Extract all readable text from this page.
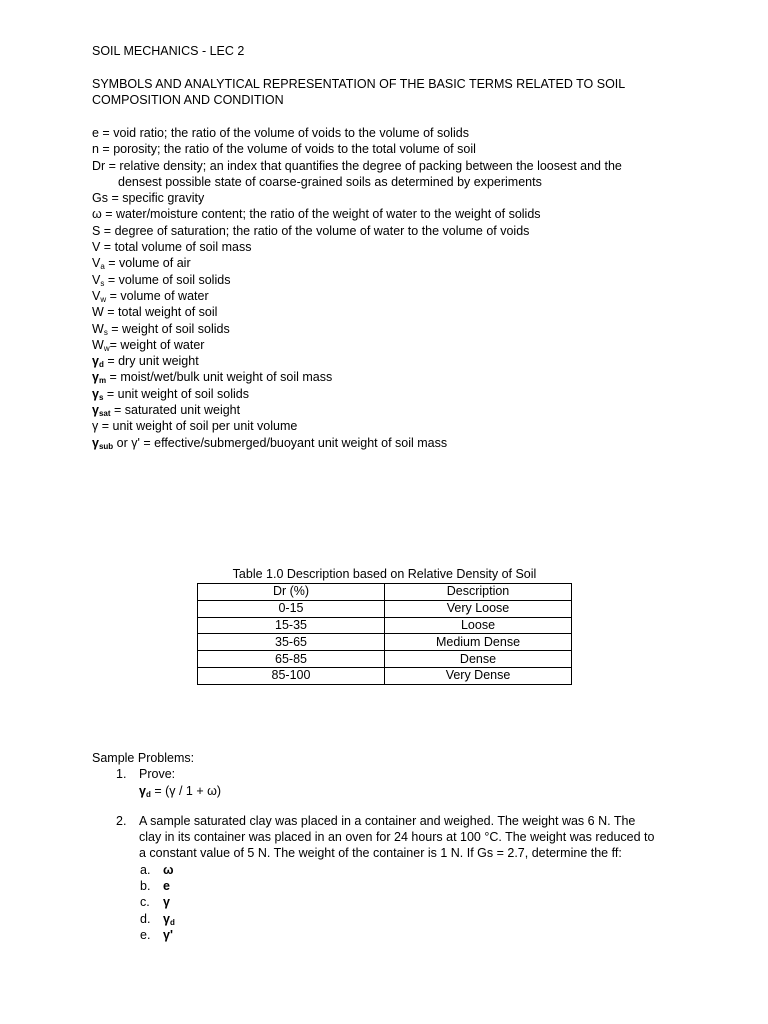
SOIL MECHANICS - LEC 2
SYMBOLS AND ANALYTICAL REPRESENTATION OF THE BASIC TERMS RELATED TO SOIL
COMPOSITION AND CONDITION
e = void ratio; the ratio of the volume of voids to the volume of solids
n = porosity; the ratio of the volume of voids to the total volume of soil
Dr = relative density; an index that quantifies the degree of packing between the loosest and the
densest possible state of coarse-grained soils as determined by experiments
Gs = specific gravity
ω = water/moisture content; the ratio of the weight of water to the weight of solids
S = degree of saturation; the ratio of the volume of water to the volume of voids
V = total volume of soil mass
$V_a$ = volume of air
$V_s$ = volume of soil solids
$V_w$ = volume of water
W = total weight of soil
$W_s$ = weight of soil solids
$W_w=$ weight of water
$\gamma_d$ = dry unit weight
$\gamma_m$ = moist/wet/bulk unit weight of soil mass
$\gamma_s$ = unit weight of soil solids
$\gamma_{sat}$ = saturated unit weight
γ = unit weight of soil per unit volume
$\gamma_{sub}$ or γ' = effective/submerged/buoyant unit weight of soil mass
Table 1.0 Description based on Relative Density of Soil
Dr (%)	Description
0-15	Very Loose
15-35	Loose
35-65	Medium Dense
65-85	Dense
85-100	Very Dense
Sample Problems:
1. Prove:
$\gamma_d = (\gamma / 1 + \omega)$
2. A sample saturated clay was placed in a container and weighed. The weight was 6 N. The
clay in its container was placed in an oven for 24 hours at 100 °C. The weight was reduced to
a constant value of 5 N. The weight of the container is 1 N. If Gs = 2.7, determine the ff:
a. ω
b. e
c. γ
d. $\gamma_d$
e. γ'
